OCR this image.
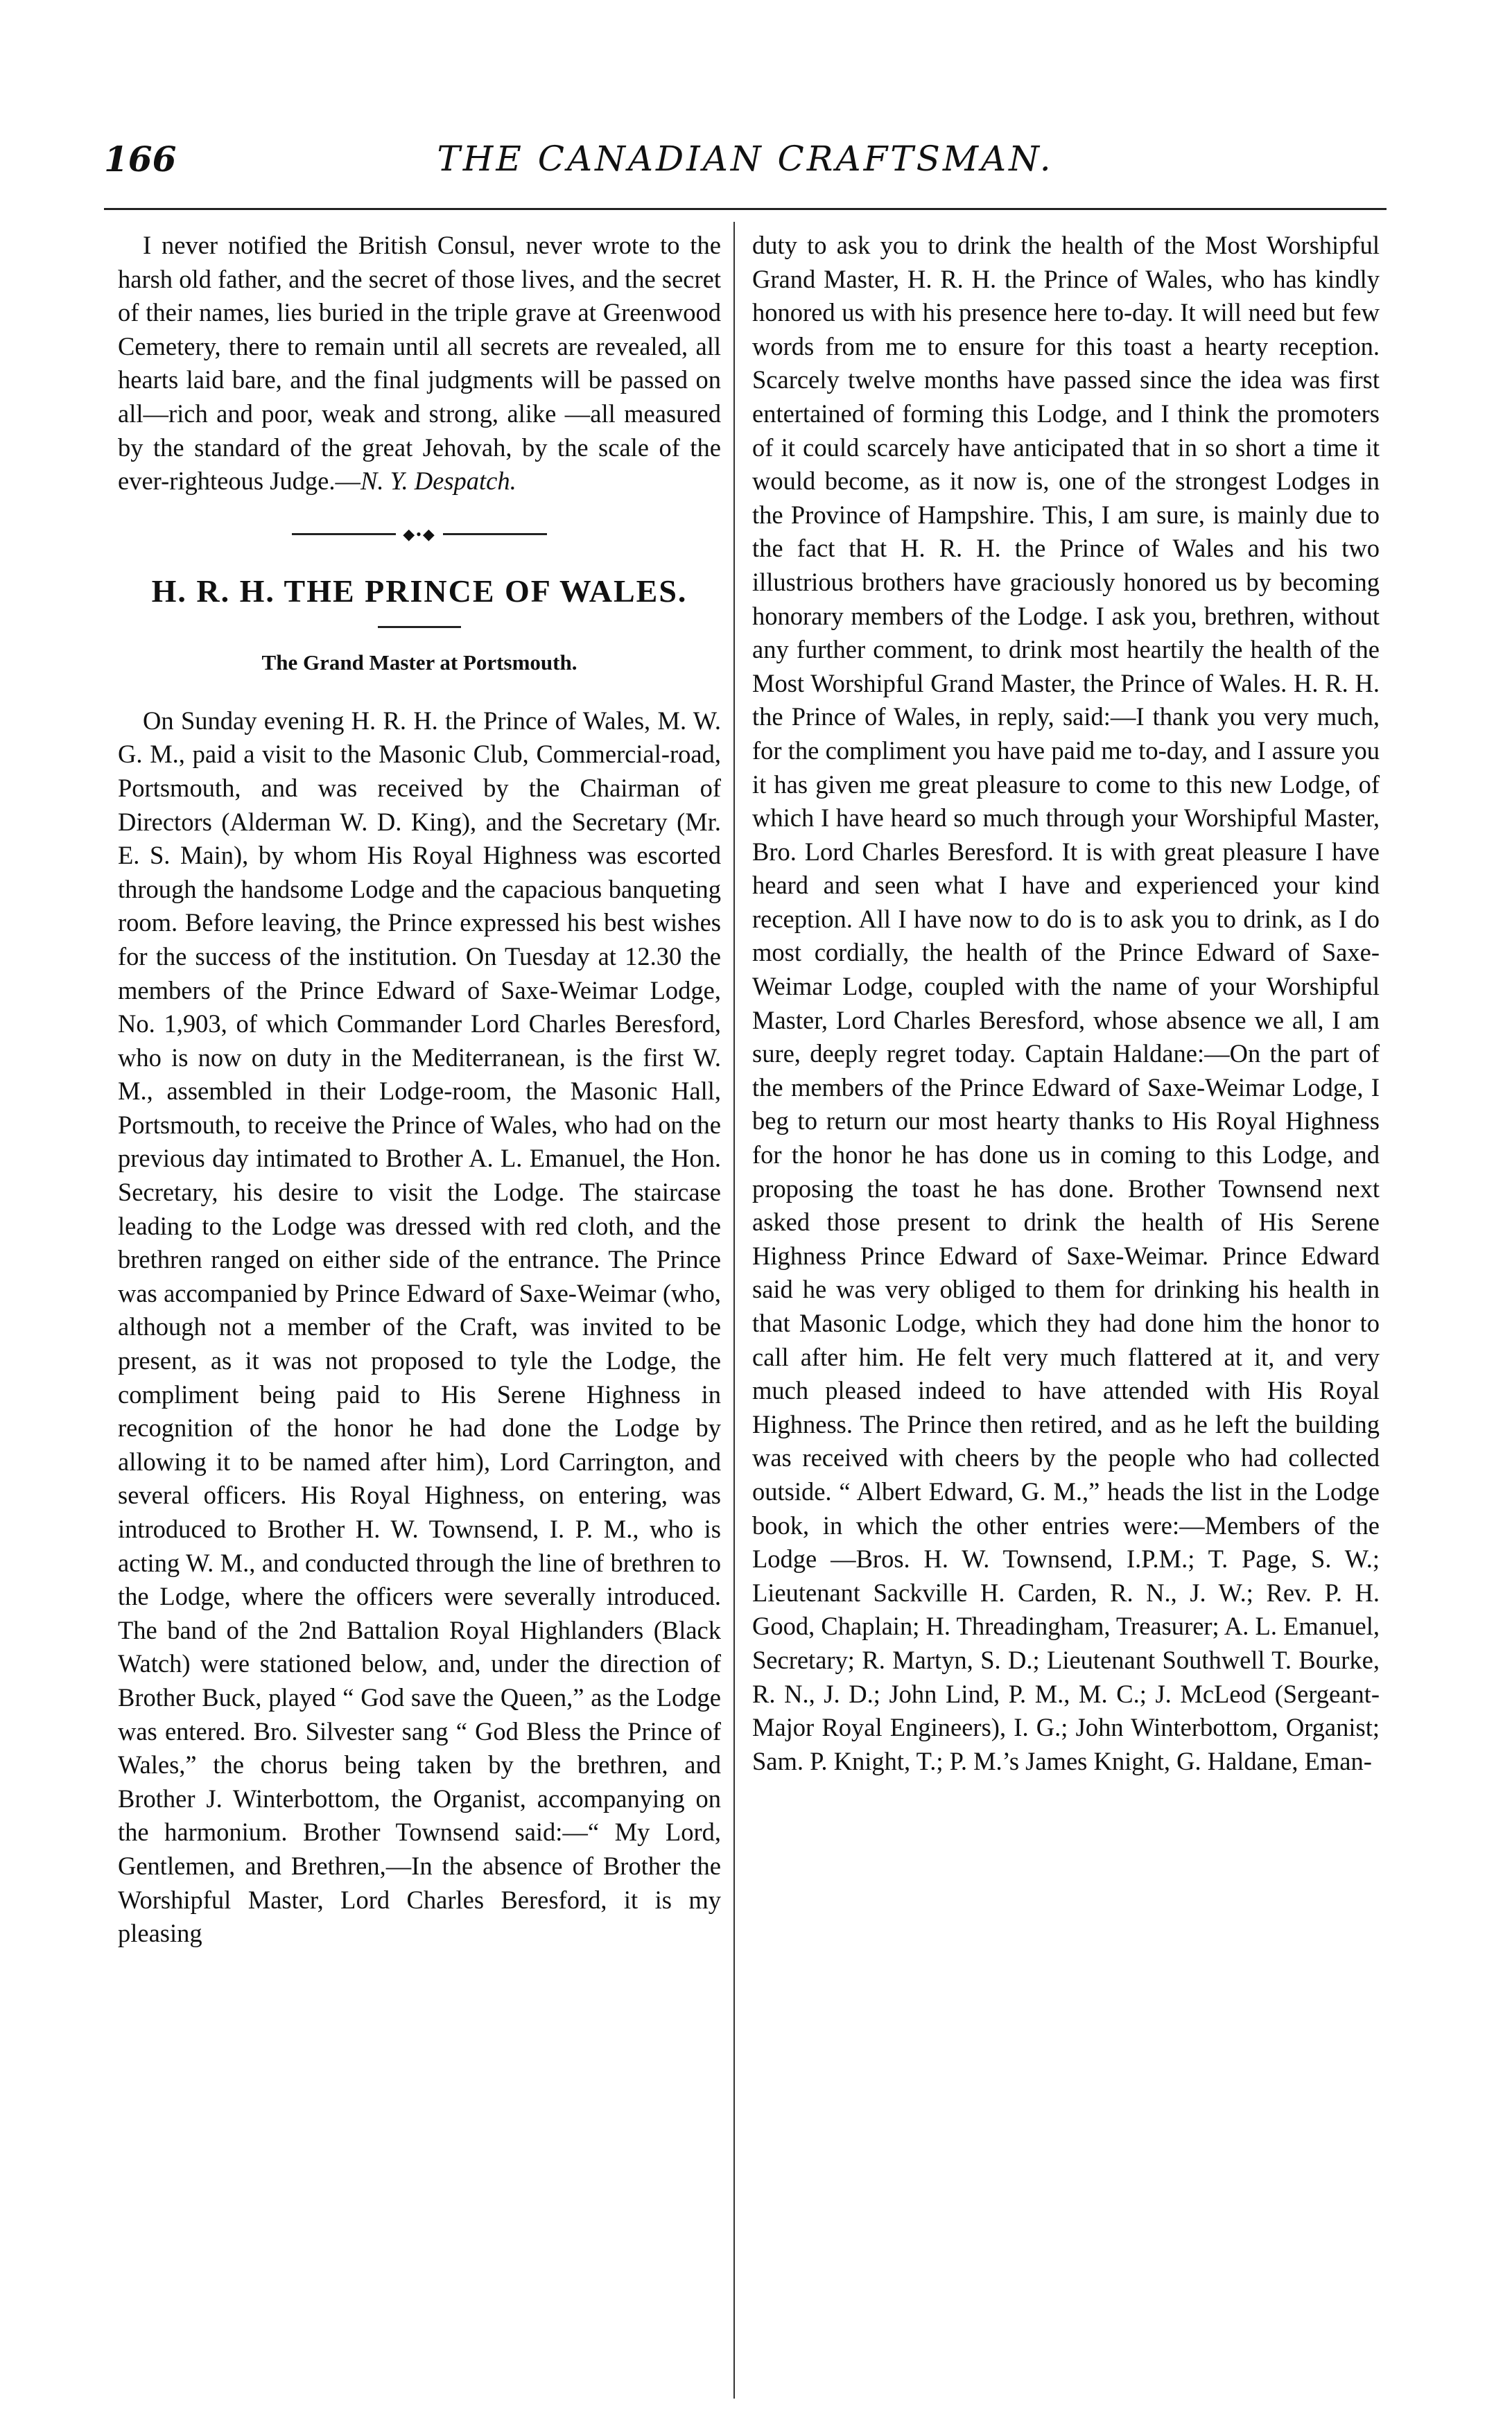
166	THE CANADIAN CRAFTSMAN.

I never notified the British Consul, never wrote to the harsh old father, and the secret of those lives, and the secret of their names, lies buried in the triple grave at Greenwood Cemetery, there to remain until all secrets are revealed, all hearts laid bare, and the final judgments will be passed on all—rich and poor, weak and strong, alike —all measured by the standard of the great Jehovah, by the scale of the ever-righteous Judge.—N. Y. Despatch.

◆•◆
H. R. H. THE PRINCE OF WALES.
The Grand Master at Portsmouth.

On Sunday evening H. R. H. the Prince of Wales, M. W. G. M., paid a visit to the Masonic Club, Commercial-road, Portsmouth, and was received by the Chairman of Directors (Alderman W. D. King), and the Secretary (Mr. E. S. Main), by whom His Royal Highness was escorted through the handsome Lodge and the capacious banqueting room. Before leaving, the Prince expressed his best wishes for the success of the institution. On Tuesday at 12.30 the members of the Prince Edward of Saxe-Weimar Lodge, No. 1,903, of which Commander Lord Charles Beresford, who is now on duty in the Mediterranean, is the first W. M., assembled in their Lodge-room, the Masonic Hall, Portsmouth, to receive the Prince of Wales, who had on the previous day intimated to Brother A. L. Emanuel, the Hon. Secretary, his desire to visit the Lodge. The staircase leading to the Lodge was dressed with red cloth, and the brethren ranged on either side of the entrance. The Prince was accompanied by Prince Edward of Saxe-Weimar (who, although not a member of the Craft, was invited to be present, as it was not proposed to tyle the Lodge, the compliment being paid to His Serene Highness in recognition of the honor he had done the Lodge by allowing it to be named after him), Lord Carrington, and several officers. His Royal Highness, on entering, was introduced to Brother H. W. Townsend, I. P. M., who is acting W. M., and conducted through the line of brethren to the Lodge, where the officers were severally introduced. The band of the 2nd Battalion Royal Highlanders (Black Watch) were stationed below, and, under the direction of Brother Buck, played “ God save the Queen,” as the Lodge was entered. Bro. Silvester sang “ God Bless the Prince of Wales,” the chorus being taken by the brethren, and Brother J. Winterbottom, the Organist, accompanying on the harmonium. Brother Townsend said:—“ My Lord, Gentlemen, and Brethren,—In the absence of Brother the Worshipful Master, Lord Charles Beresford, it is my pleasing

duty to ask you to drink the health of the Most Worshipful Grand Master, H. R. H. the Prince of Wales, who has kindly honored us with his presence here to-day. It will need but few words from me to ensure for this toast a hearty reception. Scarcely twelve months have passed since the idea was first entertained of forming this Lodge, and I think the promoters of it could scarcely have anticipated that in so short a time it would become, as it now is, one of the strongest Lodges in the Province of Hampshire. This, I am sure, is mainly due to the fact that H. R. H. the Prince of Wales and his two illustrious brothers have graciously honored us by becoming honorary members of the Lodge. I ask you, brethren, without any further comment, to drink most heartily the health of the Most Worshipful Grand Master, the Prince of Wales. H. R. H. the Prince of Wales, in reply, said:—I thank you very much, for the compliment you have paid me to-day, and I assure you it has given me great pleasure to come to this new Lodge, of which I have heard so much through your Worshipful Master, Bro. Lord Charles Beresford. It is with great pleasure I have heard and seen what I have and experienced your kind reception. All I have now to do is to ask you to drink, as I do most cordially, the health of the Prince Edward of Saxe-Weimar Lodge, coupled with the name of your Worshipful Master, Lord Charles Beresford, whose absence we all, I am sure, deeply regret today. Captain Haldane:—On the part of the members of the Prince Edward of Saxe-Weimar Lodge, I beg to return our most hearty thanks to His Royal Highness for the honor he has done us in coming to this Lodge, and proposing the toast he has done. Brother Townsend next asked those present to drink the health of His Serene Highness Prince Edward of Saxe-Weimar. Prince Edward said he was very obliged to them for drinking his health in that Masonic Lodge, which they had done him the honor to call after him. He felt very much flattered at it, and very much pleased indeed to have attended with His Royal Highness. The Prince then retired, and as he left the building was received with cheers by the people who had collected outside. “ Albert Edward, G. M.,” heads the list in the Lodge book, in which the other entries were:—Members of the Lodge —Bros. H. W. Townsend, I.P.M.; T. Page, S. W.; Lieutenant Sackville H. Carden, R. N., J. W.; Rev. P. H. Good, Chaplain; H. Threadingham, Treasurer; A. L. Emanuel, Secretary; R. Martyn, S. D.; Lieutenant Southwell T. Bourke, R. N., J. D.; John Lind, P. M., M. C.; J. McLeod (Sergeant-Major Royal Engineers), I. G.; John Winterbottom, Organist; Sam. P. Knight, T.; P. M.’s James Knight, G. Haldane, Eman-
